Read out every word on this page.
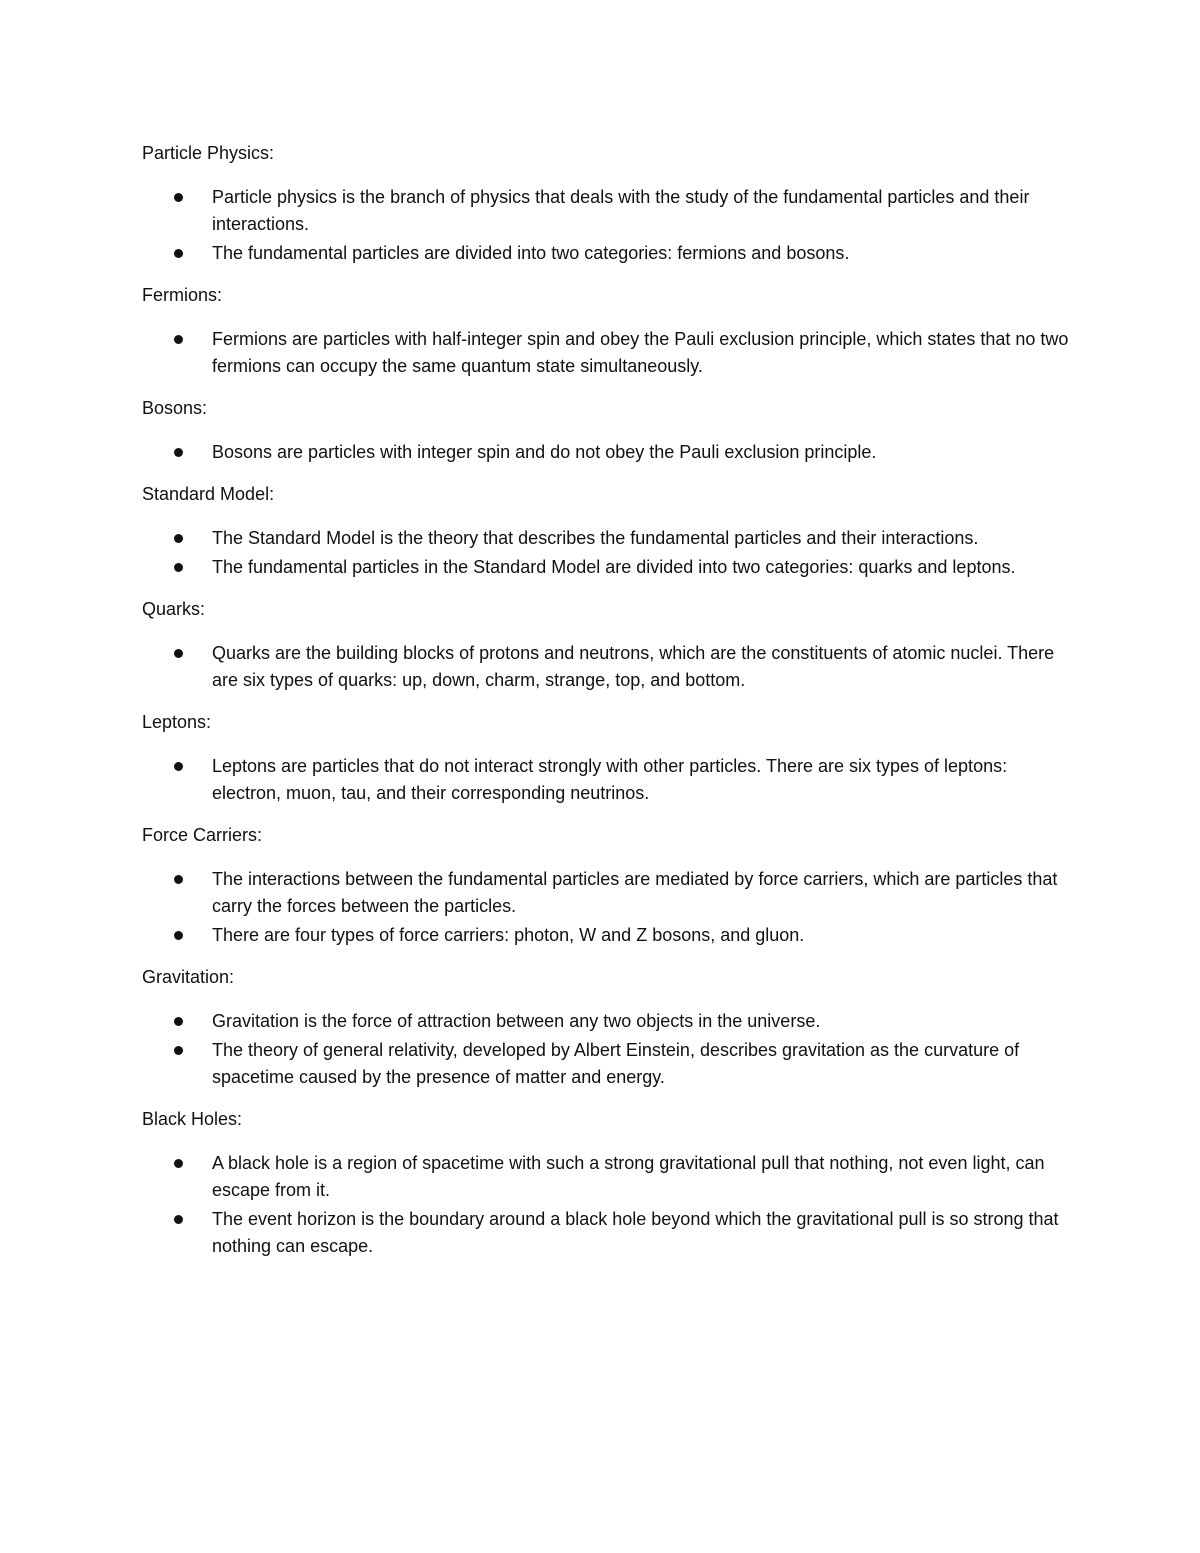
Particle Physics:

Particle physics is the branch of physics that deals with the study of the fundamental particles and their interactions.
The fundamental particles are divided into two categories: fermions and bosons.

Fermions:

Fermions are particles with half-integer spin and obey the Pauli exclusion principle, which states that no two fermions can occupy the same quantum state simultaneously.

Bosons:

Bosons are particles with integer spin and do not obey the Pauli exclusion principle.

Standard Model:

The Standard Model is the theory that describes the fundamental particles and their interactions.
The fundamental particles in the Standard Model are divided into two categories: quarks and leptons.

Quarks:

Quarks are the building blocks of protons and neutrons, which are the constituents of atomic nuclei. There are six types of quarks: up, down, charm, strange, top, and bottom.

Leptons:

Leptons are particles that do not interact strongly with other particles. There are six types of leptons: electron, muon, tau, and their corresponding neutrinos.

Force Carriers:

The interactions between the fundamental particles are mediated by force carriers, which are particles that carry the forces between the particles.
There are four types of force carriers: photon, W and Z bosons, and gluon.

Gravitation:

Gravitation is the force of attraction between any two objects in the universe.
The theory of general relativity, developed by Albert Einstein, describes gravitation as the curvature of spacetime caused by the presence of matter and energy.

Black Holes:

A black hole is a region of spacetime with such a strong gravitational pull that nothing, not even light, can escape from it.
The event horizon is the boundary around a black hole beyond which the gravitational pull is so strong that nothing can escape.
